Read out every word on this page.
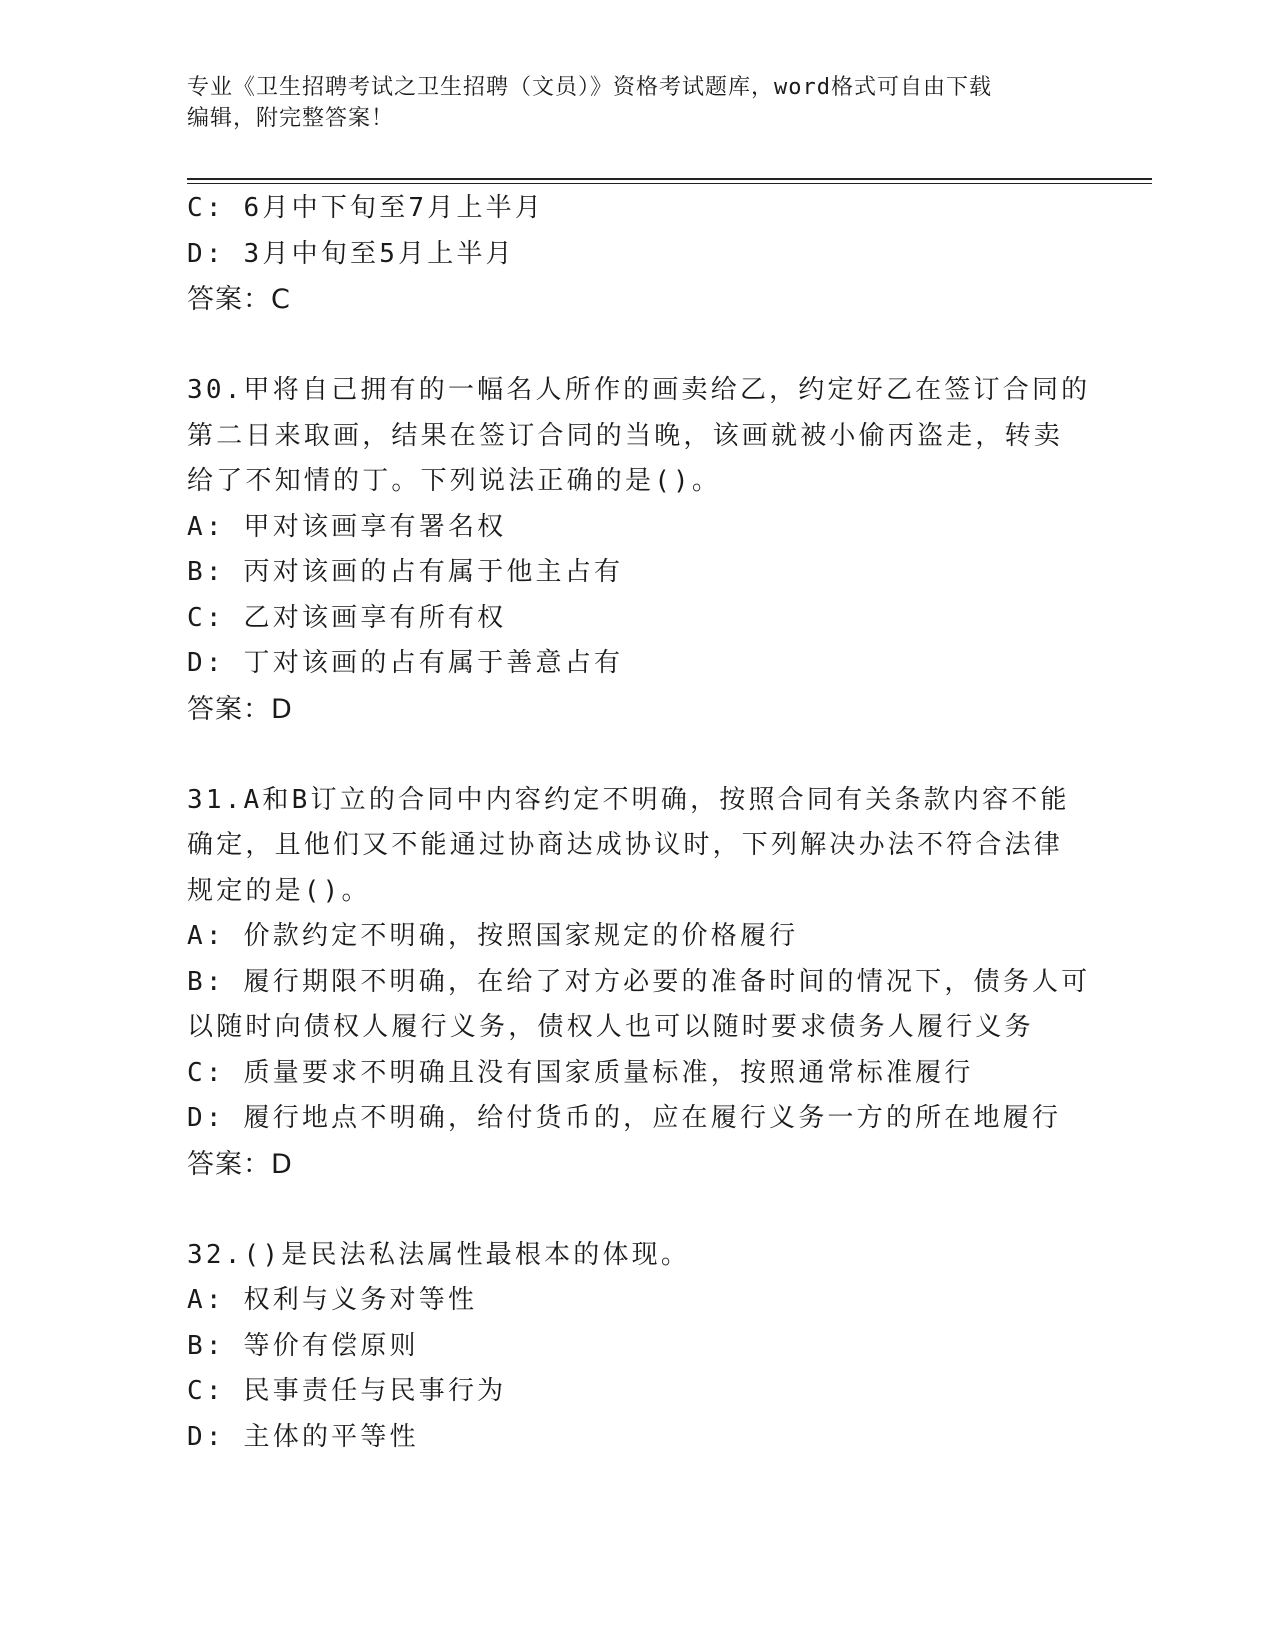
专业《卫生招聘考试之卫生招聘（文员）》资格考试题库，word格式可自由下载
编辑，附完整答案！
C: 6月中下旬至7月上半月
D: 3月中旬至5月上半月
答案：C
30.甲将自己拥有的一幅名人所作的画卖给乙，约定好乙在签订合同的
第二日来取画，结果在签订合同的当晚，该画就被小偷丙盗走，转卖
给了不知情的丁。下列说法正确的是()。
A: 甲对该画享有署名权
B: 丙对该画的占有属于他主占有
C: 乙对该画享有所有权
D: 丁对该画的占有属于善意占有
答案：D
31.A和B订立的合同中内容约定不明确，按照合同有关条款内容不能
确定，且他们又不能通过协商达成协议时，下列解决办法不符合法律
规定的是()。
A: 价款约定不明确，按照国家规定的价格履行
B: 履行期限不明确，在给了对方必要的准备时间的情况下，债务人可
以随时向债权人履行义务，债权人也可以随时要求债务人履行义务
C: 质量要求不明确且没有国家质量标准，按照通常标准履行
D: 履行地点不明确，给付货币的，应在履行义务一方的所在地履行
答案：D
32.()是民法私法属性最根本的体现。
A: 权利与义务对等性
B: 等价有偿原则
C: 民事责任与民事行为
D: 主体的平等性
